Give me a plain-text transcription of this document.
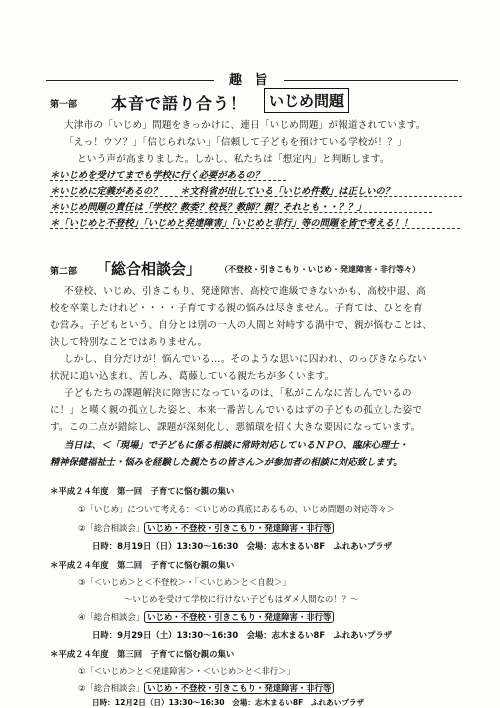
趣 旨
第一部 本音で語り合う！	いじめ問題
大津市の「いじめ」問題をきっかけに、連日「いじめ問題」が報道されています。
「えっ！ウソ？」「信じられない」「信頼して子どもを預けている学校が！？」
という声が高まりました。しかし、私たちは「想定内」と判断します。
＊いじめを受けてまでも学校に行く必要があるの？
＊いじめに定義があるの？　　＊文科省が出している「いじめ件数」は正しいの？
＊いじめ問題の責任は「学校？教委？校長？教師？親？それとも・・？？」
＊「いじめと不登校」「いじめと発達障害」「いじめと非行」等の問題を皆で考える！！
第二部 「総合相談会」 （不登校・引きこもり・いじめ・発達障害・非行等々）
不登校、いじめ、引きこもり、発達障害、高校で進級できないかも、高校中退、高
校を卒業したけれど・・・・子育てする親の悩みは尽きません。子育ては、ひとを育
む営み。子どもという、自分とは別の一人の人間と対峙する渦中で、親が悩むことは、
決して特別なことではありません。
しかし、自分だけが！悩んでいる…。そのような思いに囚われ、のっぴきならない
状況に追い込まれ、苦しみ、葛藤している親たちが多くいます。
子どもたちの課題解決に障害になっているのは、「私がこんなに苦しんでいるの
に！」と嘆く親の孤立した姿と、本来一番苦しんでいるはずの子どもの孤立した姿で
す。この二点が錯綜し、課題が深刻化し、悪循環を招く大きな要因になっています。
当日は、＜「現場」で子どもに係る相談に常時対応しているＮＰＯ、臨床心理士・
精神保健福祉士・悩みを経験した親たちの皆さん＞が参加者の相談に対応致します。
＊平成２４年度　第一回　子育てに悩む親の集い
①「いじめ」について考える：＜いじめの真底にあるもの、いじめ問題の対応等々＞
②「総合相談会」 いじめ・不登校・引きこもり・発達障害・非行等
日時：8月19日（日）13:30～16:30　 会場：志木まるい8F　ふれあいプラザ
＊平成２４年度　第二回　子育てに悩む親の集い
③「＜いじめ＞と＜不登校＞・「＜いじめ＞と＜自殺＞」
～いじめを受けて学校に行けない子どもはダメ人間なの！？～
④「総合相談会」 いじめ・不登校・引きこもり・発達障害・非行等
日時：9月29日（土）13:30～16:30　 会場：志木まるい8F　ふれあいプラザ
＊平成２４年度　第三回　子育てに悩む親の集い
①「＜いじめ＞と＜発達障害＞・＜いじめ＞と＜非行＞」
②「総合相談会」 いじめ・不登校・引きこもり・発達障害・非行等
日時：12月2日（日）13:30～16:30　 会場：志木まるい8F　ふれあいプラザ
